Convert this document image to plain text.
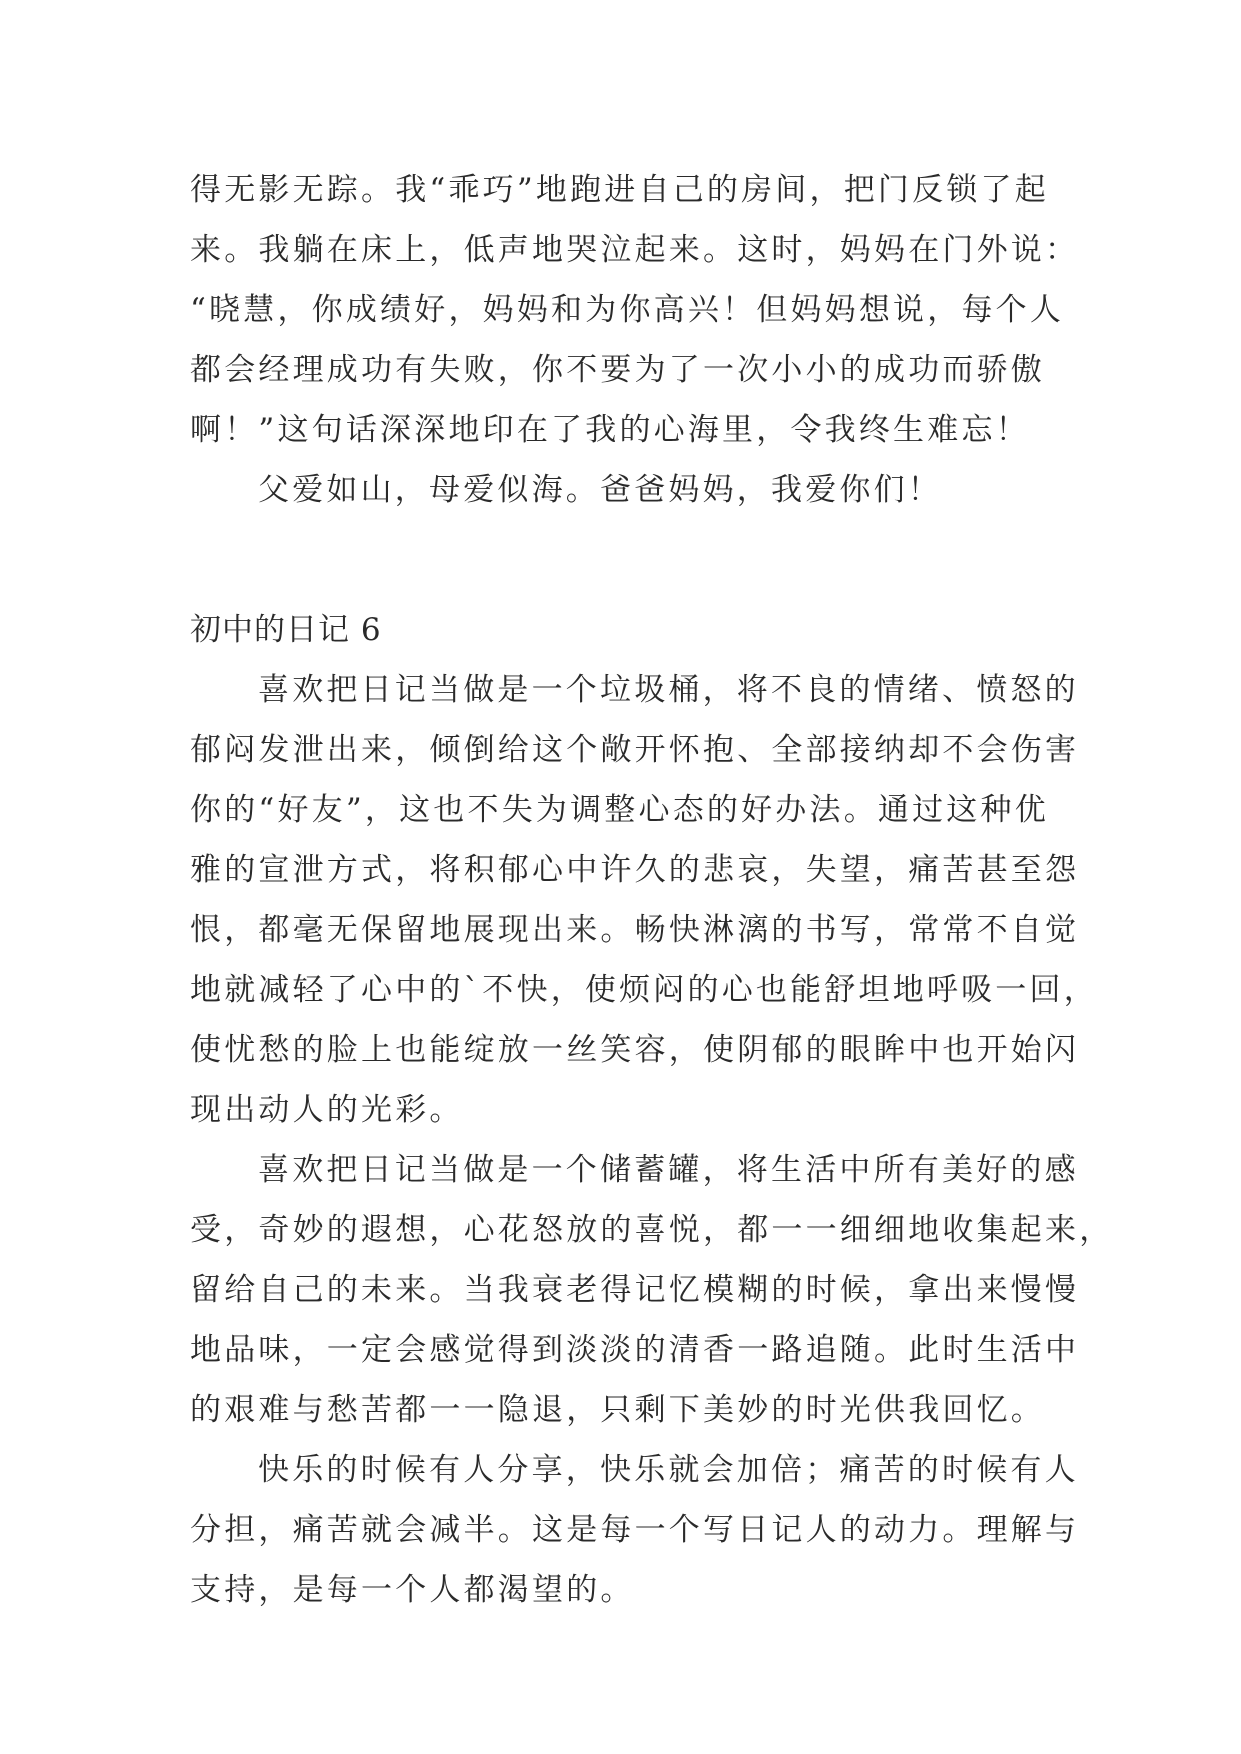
得无影无踪。我“乖巧”地跑进自己的房间，把门反锁了起
来。我躺在床上，低声地哭泣起来。这时，妈妈在门外说：
“晓慧，你成绩好，妈妈和为你高兴！但妈妈想说，每个人
都会经理成功有失败，你不要为了一次小小的成功而骄傲
啊！”这句话深深地印在了我的心海里，令我终生难忘！
父爱如山，母爱似海。爸爸妈妈，我爱你们！
初中的日记 6
喜欢把日记当做是一个垃圾桶，将不良的情绪、愤怒的
郁闷发泄出来，倾倒给这个敞开怀抱、全部接纳却不会伤害
你的“好友”，这也不失为调整心态的好办法。通过这种优
雅的宣泄方式，将积郁心中许久的悲哀，失望，痛苦甚至怨
恨，都毫无保留地展现出来。畅快淋漓的书写，常常不自觉
地就减轻了心中的`不快，使烦闷的心也能舒坦地呼吸一回，
使忧愁的脸上也能绽放一丝笑容，使阴郁的眼眸中也开始闪
现出动人的光彩。
喜欢把日记当做是一个储蓄罐，将生活中所有美好的感
受，奇妙的遐想，心花怒放的喜悦，都一一细细地收集起来，
留给自己的未来。当我衰老得记忆模糊的时候，拿出来慢慢
地品味，一定会感觉得到淡淡的清香一路追随。此时生活中
的艰难与愁苦都一一隐退，只剩下美妙的时光供我回忆。
快乐的时候有人分享，快乐就会加倍；痛苦的时候有人
分担，痛苦就会减半。这是每一个写日记人的动力。理解与
支持，是每一个人都渴望的。
